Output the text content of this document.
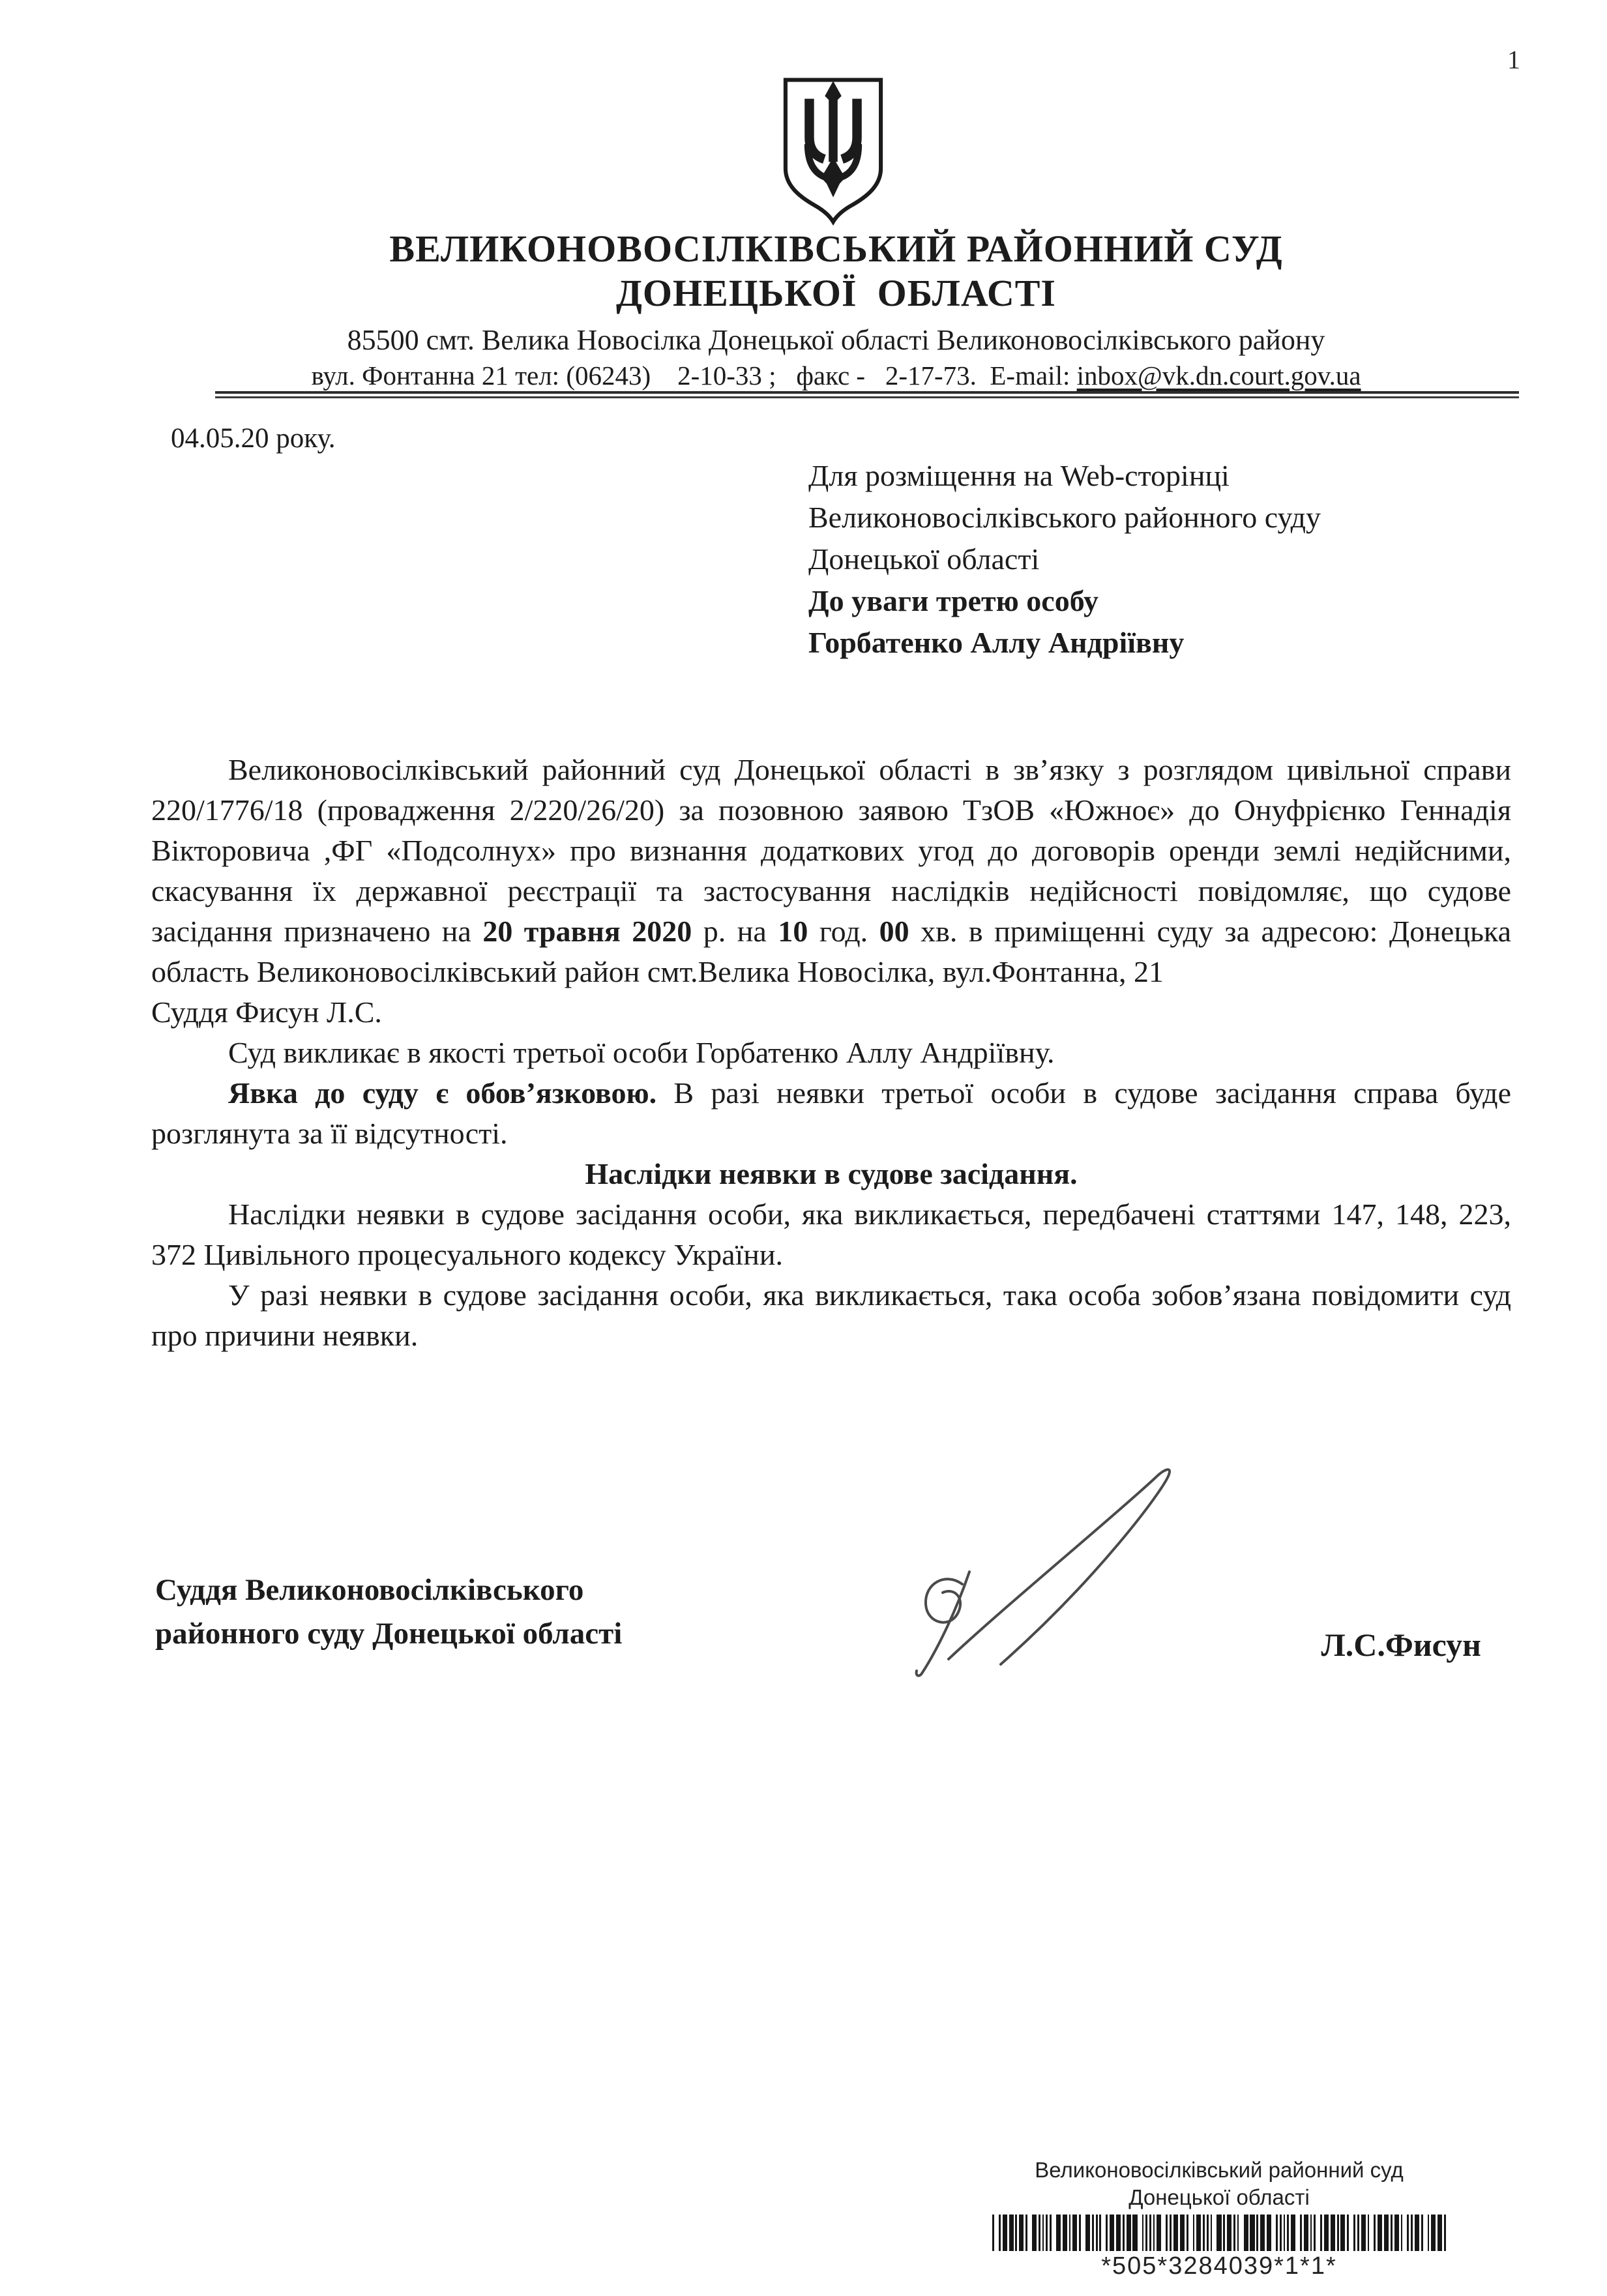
1
ВЕЛИКОНОВОСІЛКІВСЬКИЙ РАЙОННИЙ СУД
ДОНЕЦЬКОЇ  ОБЛАСТІ
85500 смт. Велика Новосілка Донецької області Великоновосілківського району
вул. Фонтанна 21 тел: (06243)    2-10-33 ;   факс -   2-17-73.  E-mail: inbox@vk.dn.court.gov.ua
04.05.20 року.
Для розміщення на Web-сторінці
Великоновосілківського районного суду
Донецької області
До уваги третю особу
Горбатенко Аллу Андріївну

Великоновосілківський районний суд Донецької області в зв’язку з розглядом цивільної справи 220/1776/18 (провадження 2/220/26/20) за позовною заявою ТзОВ «Южноє» до Онуфрієнко Геннадія Вікторовича ,ФГ «Подсолнух» про визнання додаткових угод до договорів оренди землі недійсними, скасування їх державної реєстрації та застосування наслідків недійсності повідомляє, що судове засідання призначено на 20 травня 2020 р. на 10 год. 00 хв. в приміщенні суду за адресою: Донецька область Великоновосілківський район смт.Велика Новосілка, вул.Фонтанна, 21

Суддя Фисун Л.С.

Суд викликає в якості третьої особи Горбатенко Аллу Андріївну.

Явка до суду є обов’язковою. В разі неявки третьої особи в судове засідання справа буде розглянута за її відсутності.

Наслідки неявки в судове засідання.

Наслідки неявки в судове засідання особи, яка викликається, передбачені статтями 147, 148, 223, 372 Цивільного процесуального кодексу України.

У разі неявки в судове засідання особи, яка викликається, така особа зобов’язана повідомити суд про причини неявки.

Суддя Великоновосілківського
районного суду Донецької області	Л.С.Фисун
Великоновосілківський районний суд
Донецької області
*505*3284039*1*1*
